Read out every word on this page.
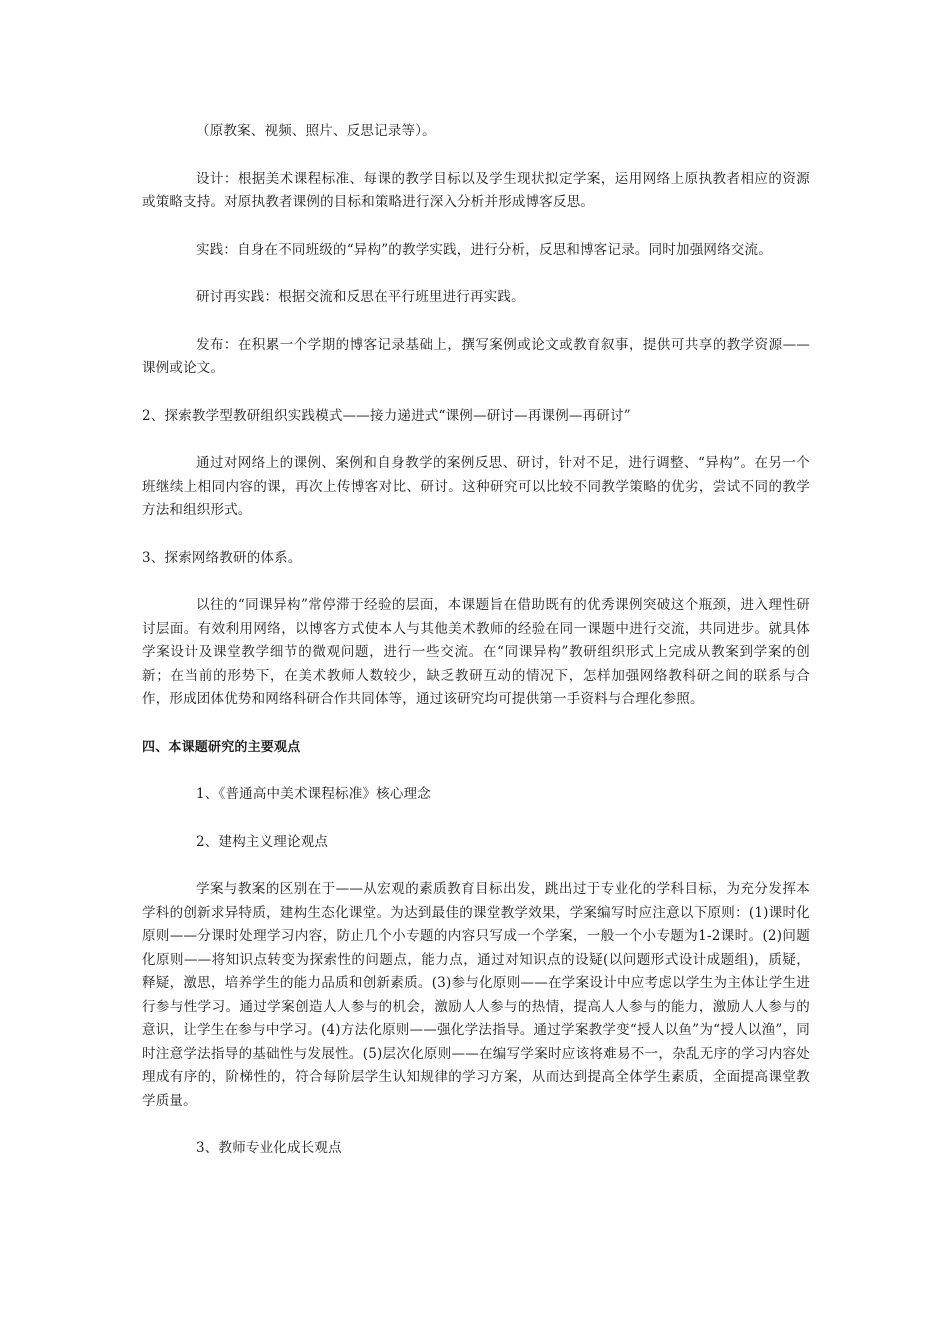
（原教案、视频、照片、反思记录等）。

设计：根据美术课程标准、每课的教学目标以及学生现状拟定学案，运用网络上原执教者相应的资源或策略支持。对原执教者课例的目标和策略进行深入分析并形成博客反思。

实践：自身在不同班级的“异构”的教学实践，进行分析，反思和博客记录。同时加强网络交流。

研讨再实践：根据交流和反思在平行班里进行再实践。

发布：在积累一个学期的博客记录基础上，撰写案例或论文或教育叙事，提供可共享的教学资源——课例或论文。

2、探索教学型教研组织实践模式——接力递进式“课例—研讨—再课例—再研讨”

通过对网络上的课例、案例和自身教学的案例反思、研讨，针对不足，进行调整、“异构”。在另一个班继续上相同内容的课，再次上传博客对比、研讨。这种研究可以比较不同教学策略的优劣，尝试不同的教学方法和组织形式。

3、探索网络教研的体系。

以往的“同课异构”常停滞于经验的层面，本课题旨在借助既有的优秀课例突破这个瓶颈，进入理性研讨层面。有效利用网络，以博客方式使本人与其他美术教师的经验在同一课题中进行交流，共同进步。就具体学案设计及课堂教学细节的微观问题，进行一些交流。在“同课异构”教研组织形式上完成从教案到学案的创新；在当前的形势下，在美术教师人数较少，缺乏教研互动的情况下，怎样加强网络教科研之间的联系与合作，形成团体优势和网络科研合作共同体等，通过该研究均可提供第一手资料与合理化参照。

四、本课题研究的主要观点

1、《普通高中美术课程标准》核心理念

2、建构主义理论观点

学案与教案的区别在于——从宏观的素质教育目标出发，跳出过于专业化的学科目标，为充分发挥本学科的创新求异特质，建构生态化课堂。为达到最佳的课堂教学效果，学案编写时应注意以下原则：(1)课时化原则——分课时处理学习内容，防止几个小专题的内容只写成一个学案，一般一个小专题为1-2课时。(2)问题化原则——将知识点转变为探索性的问题点，能力点，通过对知识点的设疑(以问题形式设计成题组)，质疑，释疑，激思，培养学生的能力品质和创新素质。(3)参与化原则——在学案设计中应考虑以学生为主体让学生进行参与性学习。通过学案创造人人参与的机会，激励人人参与的热情，提高人人参与的能力，激励人人参与的意识，让学生在参与中学习。(4)方法化原则——强化学法指导。通过学案教学变“授人以鱼”为“授人以渔”，同时注意学法指导的基础性与发展性。(5)层次化原则——在编写学案时应该将难易不一，杂乱无序的学习内容处理成有序的，阶梯性的，符合每阶层学生认知规律的学习方案，从而达到提高全体学生素质，全面提高课堂教学质量。

3、教师专业化成长观点
